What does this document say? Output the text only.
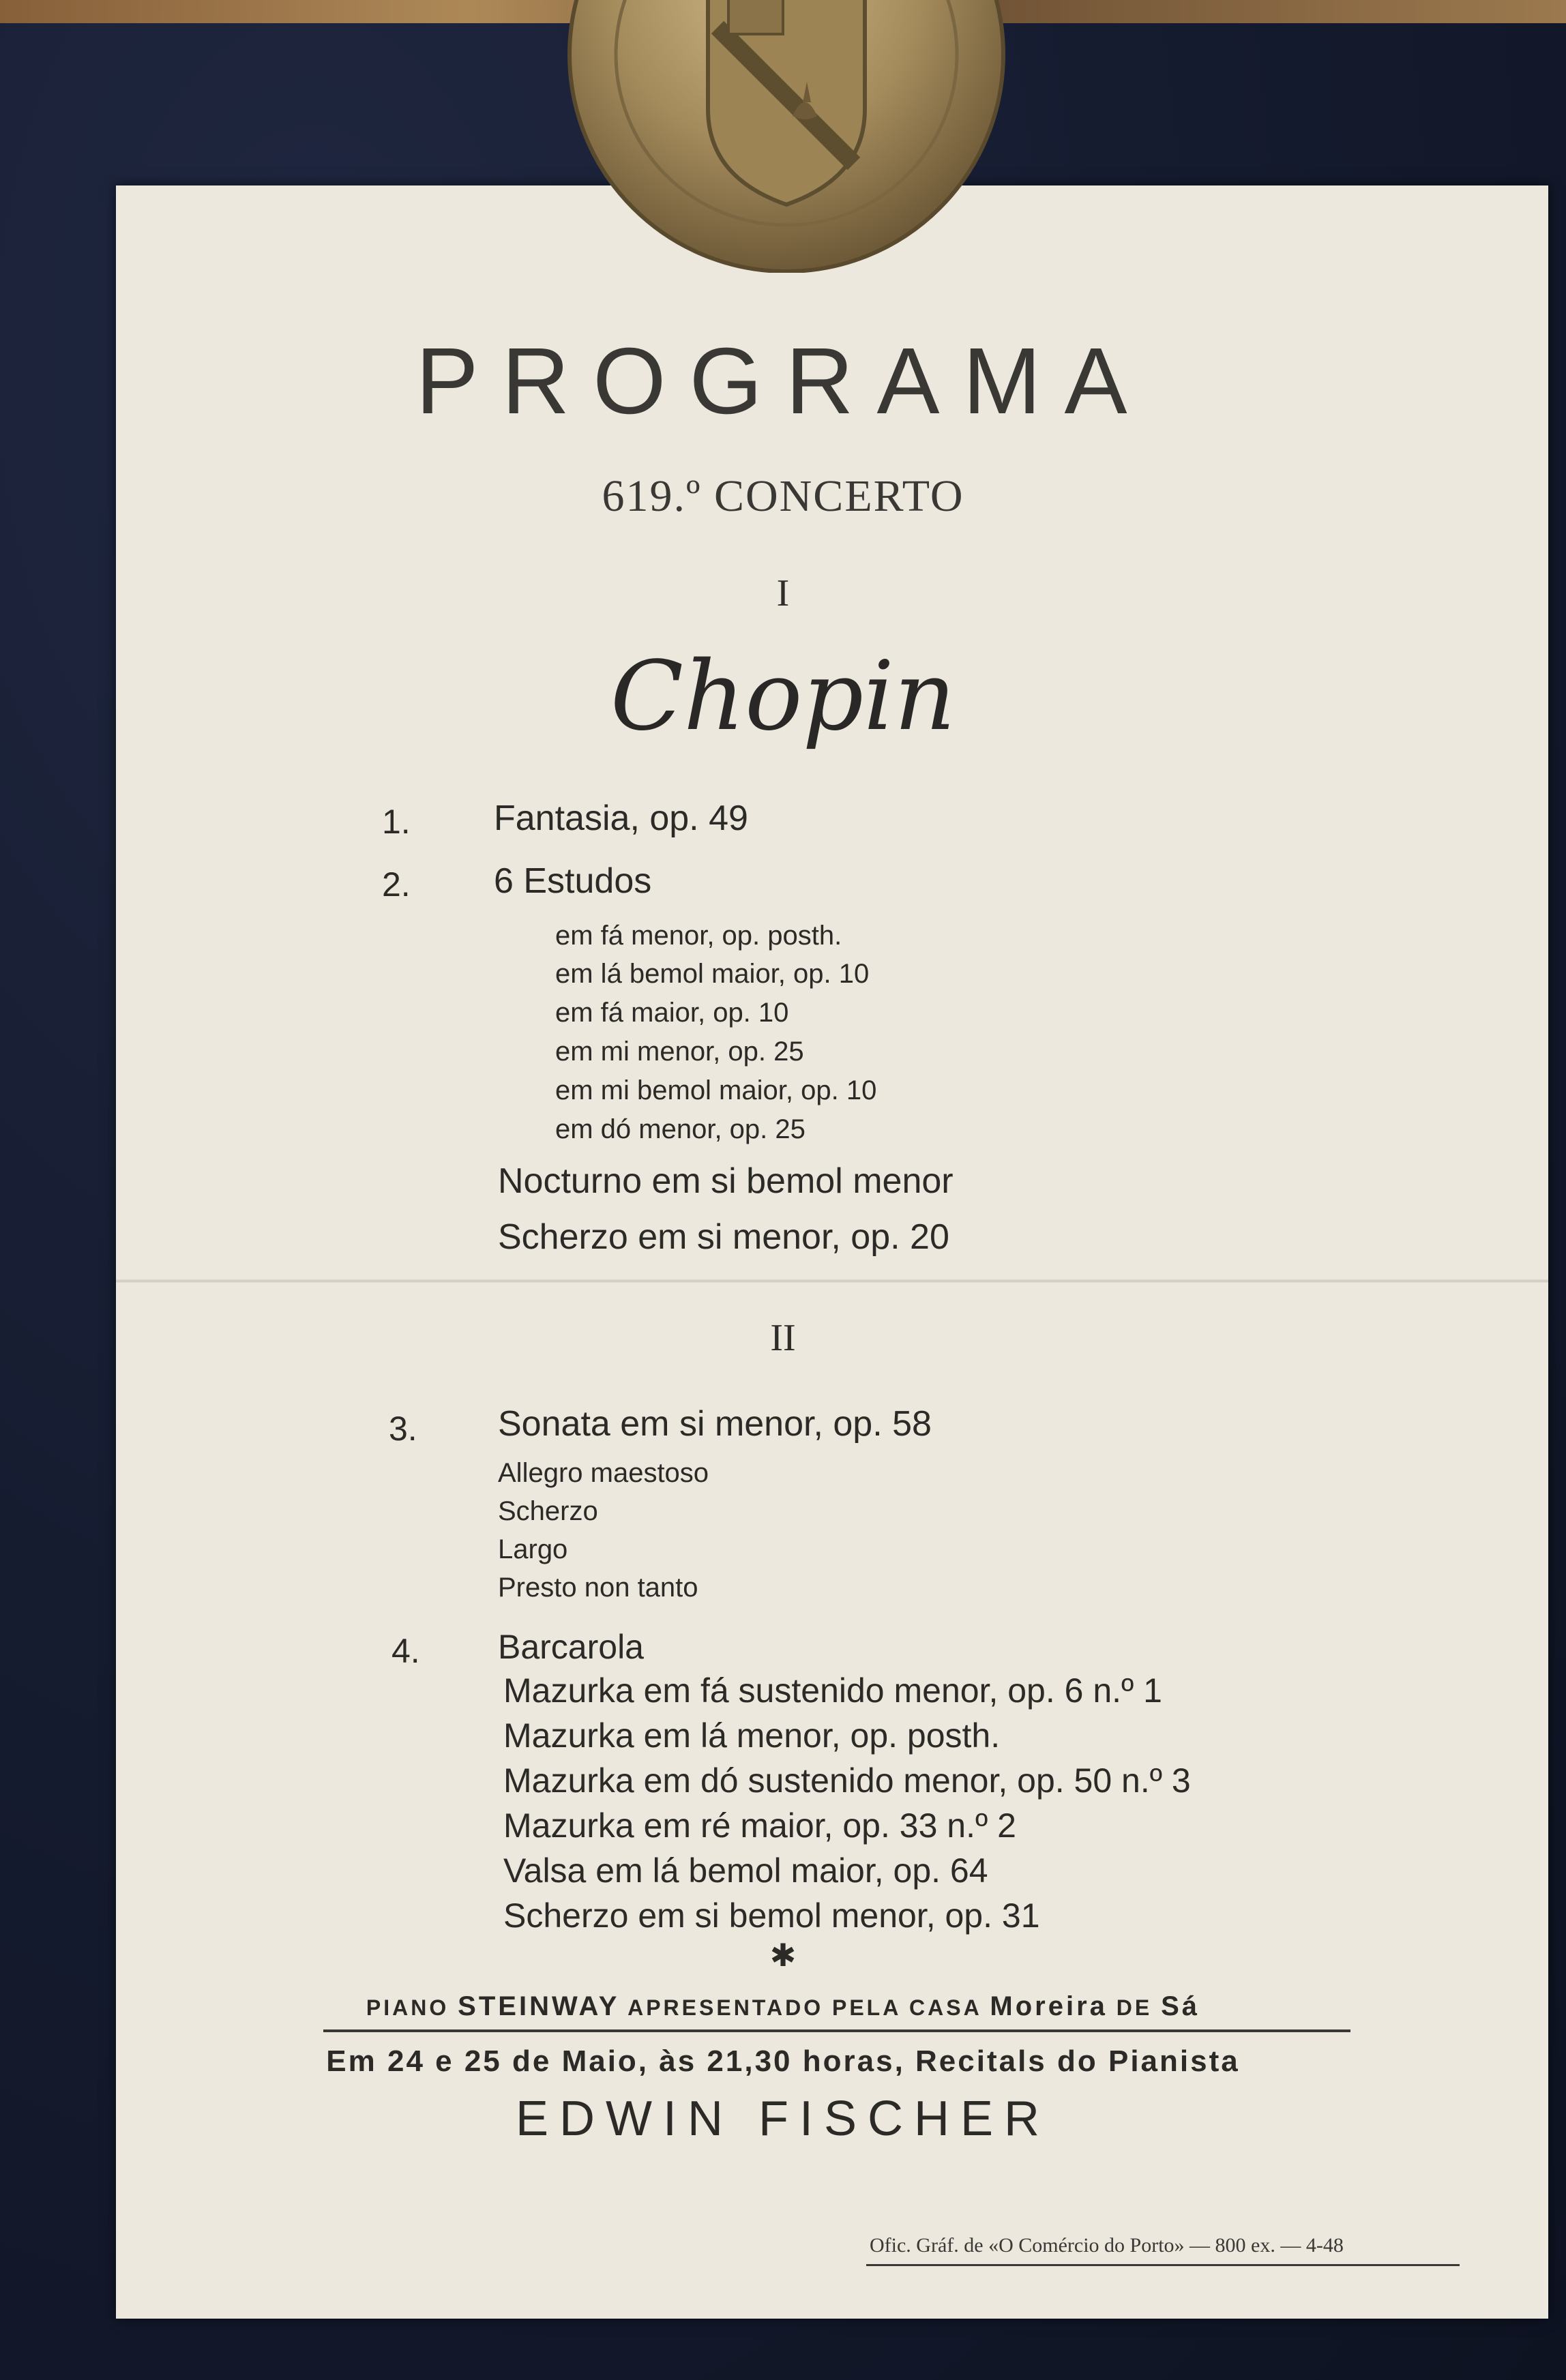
PROGRAMA
619.º CONCERTO
I
Chopin
1. Fantasia, op. 49
2. 6 Estudos
em fá menor, op. posth.
em lá bemol maior, op. 10
em fá maior, op. 10
em mi menor, op. 25
em mi bemol maior, op. 10
em dó menor, op. 25
Nocturno em si bemol menor
Scherzo em si menor, op. 20
II
3. Sonata em si menor, op. 58
Allegro maestoso
Scherzo
Largo
Presto non tanto
4. Barcarola
Mazurka em fá sustenido menor, op. 6 n.º 1
Mazurka em lá menor, op. posth.
Mazurka em dó sustenido menor, op. 50 n.º 3
Mazurka em ré maior, op. 33 n.º 2
Valsa em lá bemol maior, op. 64
Scherzo em si bemol menor, op. 31
✱
PIANO STEINWAY APRESENTADO PELA CASA Moreira DE Sá
Em 24 e 25 de Maio, às 21,30 horas, Recitals do Pianista
EDWIN FISCHER
Ofic. Gráf. de «O Comércio do Porto» — 800 ex. — 4-48
